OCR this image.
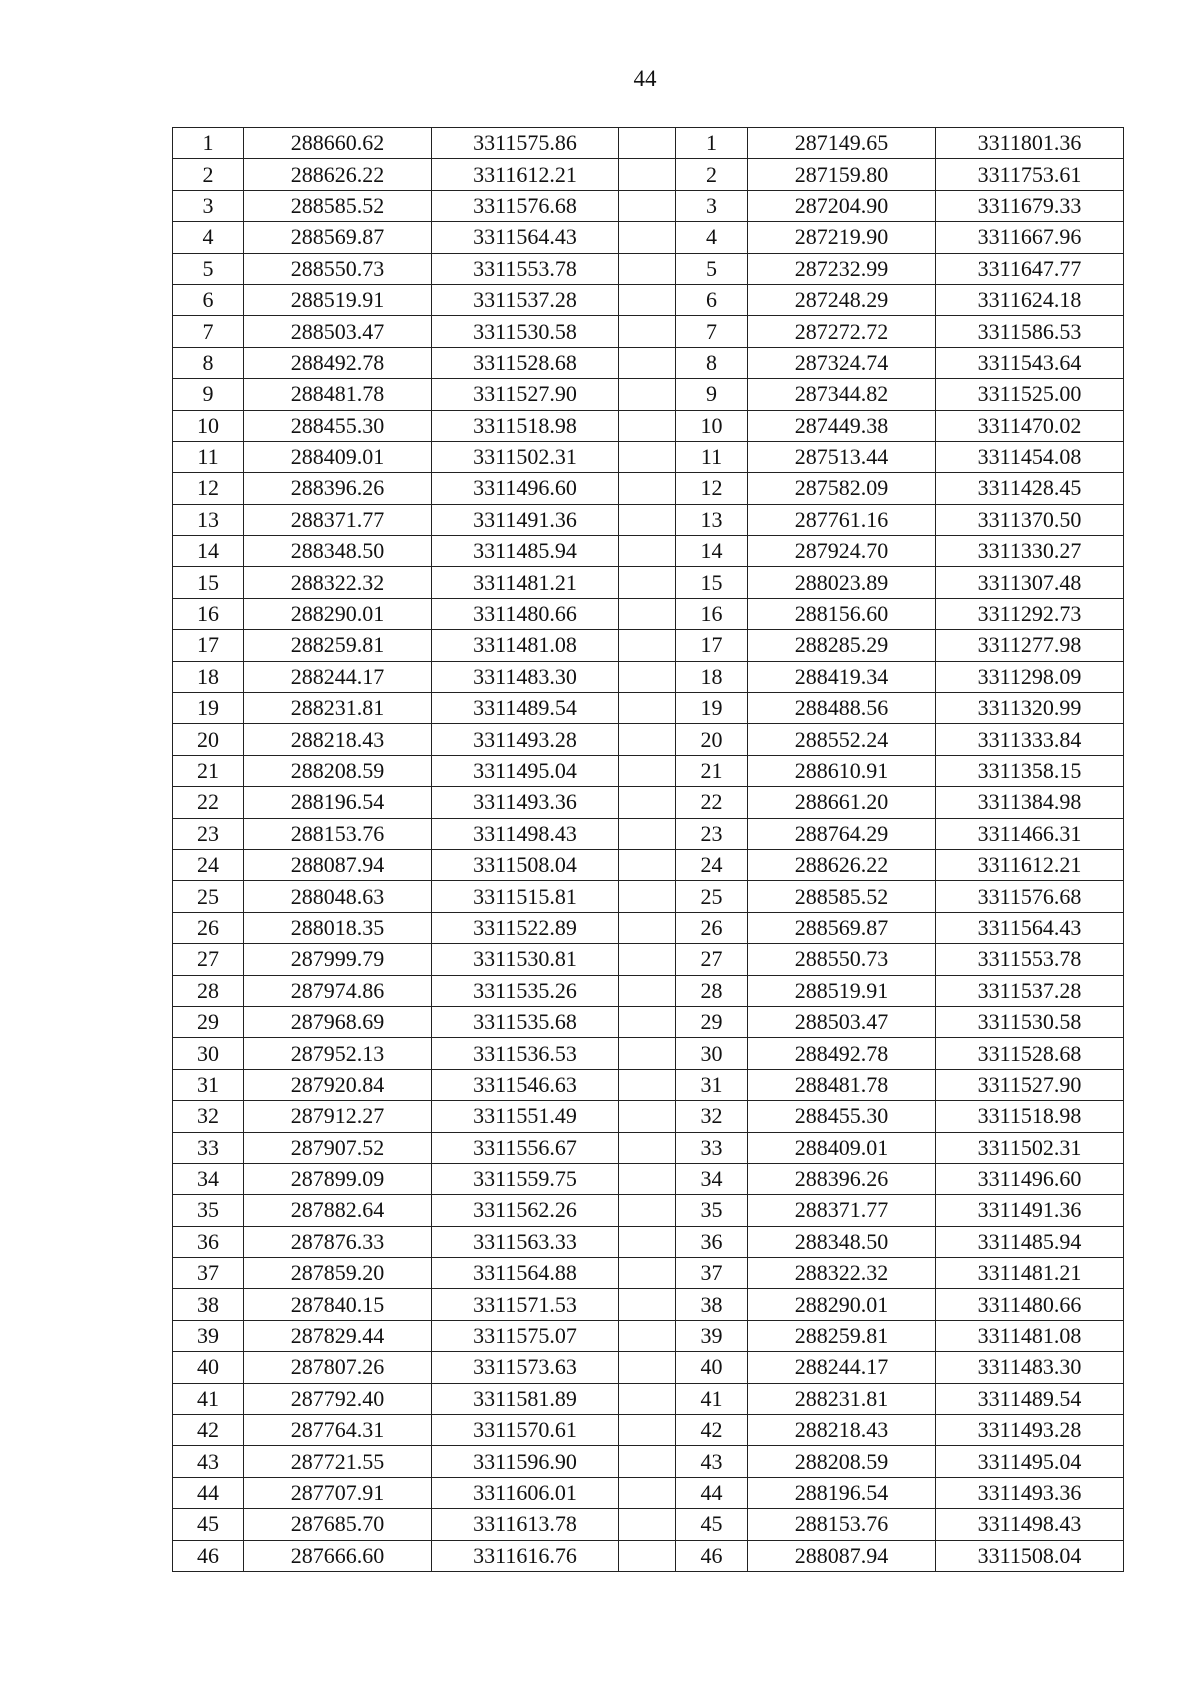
44
1	288660.62	3311575.86		1	287149.65	3311801.36
2	288626.22	3311612.21		2	287159.80	3311753.61
3	288585.52	3311576.68		3	287204.90	3311679.33
4	288569.87	3311564.43		4	287219.90	3311667.96
5	288550.73	3311553.78		5	287232.99	3311647.77
6	288519.91	3311537.28		6	287248.29	3311624.18
7	288503.47	3311530.58		7	287272.72	3311586.53
8	288492.78	3311528.68		8	287324.74	3311543.64
9	288481.78	3311527.90		9	287344.82	3311525.00
10	288455.30	3311518.98		10	287449.38	3311470.02
11	288409.01	3311502.31		11	287513.44	3311454.08
12	288396.26	3311496.60		12	287582.09	3311428.45
13	288371.77	3311491.36		13	287761.16	3311370.50
14	288348.50	3311485.94		14	287924.70	3311330.27
15	288322.32	3311481.21		15	288023.89	3311307.48
16	288290.01	3311480.66		16	288156.60	3311292.73
17	288259.81	3311481.08		17	288285.29	3311277.98
18	288244.17	3311483.30		18	288419.34	3311298.09
19	288231.81	3311489.54		19	288488.56	3311320.99
20	288218.43	3311493.28		20	288552.24	3311333.84
21	288208.59	3311495.04		21	288610.91	3311358.15
22	288196.54	3311493.36		22	288661.20	3311384.98
23	288153.76	3311498.43		23	288764.29	3311466.31
24	288087.94	3311508.04		24	288626.22	3311612.21
25	288048.63	3311515.81		25	288585.52	3311576.68
26	288018.35	3311522.89		26	288569.87	3311564.43
27	287999.79	3311530.81		27	288550.73	3311553.78
28	287974.86	3311535.26		28	288519.91	3311537.28
29	287968.69	3311535.68		29	288503.47	3311530.58
30	287952.13	3311536.53		30	288492.78	3311528.68
31	287920.84	3311546.63		31	288481.78	3311527.90
32	287912.27	3311551.49		32	288455.30	3311518.98
33	287907.52	3311556.67		33	288409.01	3311502.31
34	287899.09	3311559.75		34	288396.26	3311496.60
35	287882.64	3311562.26		35	288371.77	3311491.36
36	287876.33	3311563.33		36	288348.50	3311485.94
37	287859.20	3311564.88		37	288322.32	3311481.21
38	287840.15	3311571.53		38	288290.01	3311480.66
39	287829.44	3311575.07		39	288259.81	3311481.08
40	287807.26	3311573.63		40	288244.17	3311483.30
41	287792.40	3311581.89		41	288231.81	3311489.54
42	287764.31	3311570.61		42	288218.43	3311493.28
43	287721.55	3311596.90		43	288208.59	3311495.04
44	287707.91	3311606.01		44	288196.54	3311493.36
45	287685.70	3311613.78		45	288153.76	3311498.43
46	287666.60	3311616.76		46	288087.94	3311508.04
